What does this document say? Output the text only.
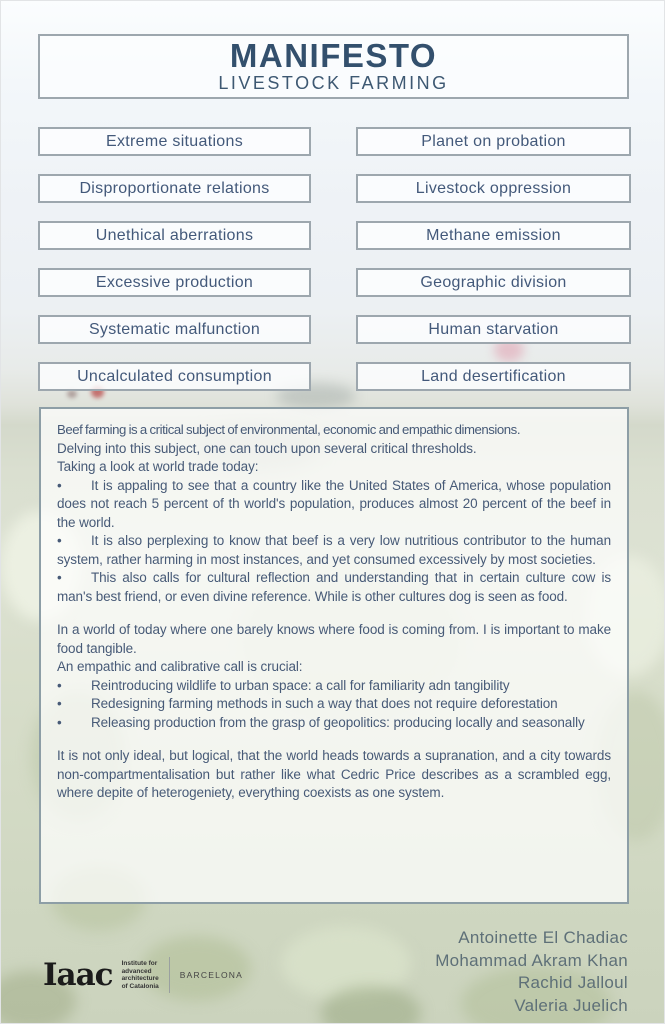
MANIFESTO
LIVESTOCK FARMING
Extreme situations
Disproportionate relations
Unethical aberrations
Excessive production
Systematic malfunction
Uncalculated consumption
Planet on probation
Livestock oppression
Methane emission
Geographic division
Human starvation
Land desertification

Beef farming is a critical subject of environmental, economic and empathic dimensions.

Delving into this subject, one can touch upon several critical thresholds.

Taking a look at world trade today:

• It is appaling to see that a country like the United States of America, whose population does not reach 5 percent of th world's population, produces almost 20 percent of the beef in the world.

• It is also perplexing to know that beef is a very low nutritious contributor to the human system, rather harming in most instances, and yet consumed excessively by most societies.

• This also calls for cultural reflection and understanding that in certain culture cow is man's best friend, or even divine reference. While is other cultures dog is seen as food.

In a world of today where one barely knows where food is coming from. I is important to make food tangible.

An empathic and calibrative call is crucial:

• Reintroducing wildlife to urban space: a call for familiarity adn tangibility

• Redesigning farming methods in such a way that does not require deforestation

• Releasing production from the grasp of geopolitics: producing locally and seasonally

It is not only ideal, but logical, that the world heads towards a supranation, and a city towards non-compartmentalisation but rather like what Cedric Price describes as a scrambled egg, where depite of heterogeniety, everything coexists as one system.

Antoinette El Chadiac
Mohammad Akram Khan
Rachid Jalloul
Valeria Juelich
Iaac Institute for
advanced
architecture
of Catalonia
BARCELONA
